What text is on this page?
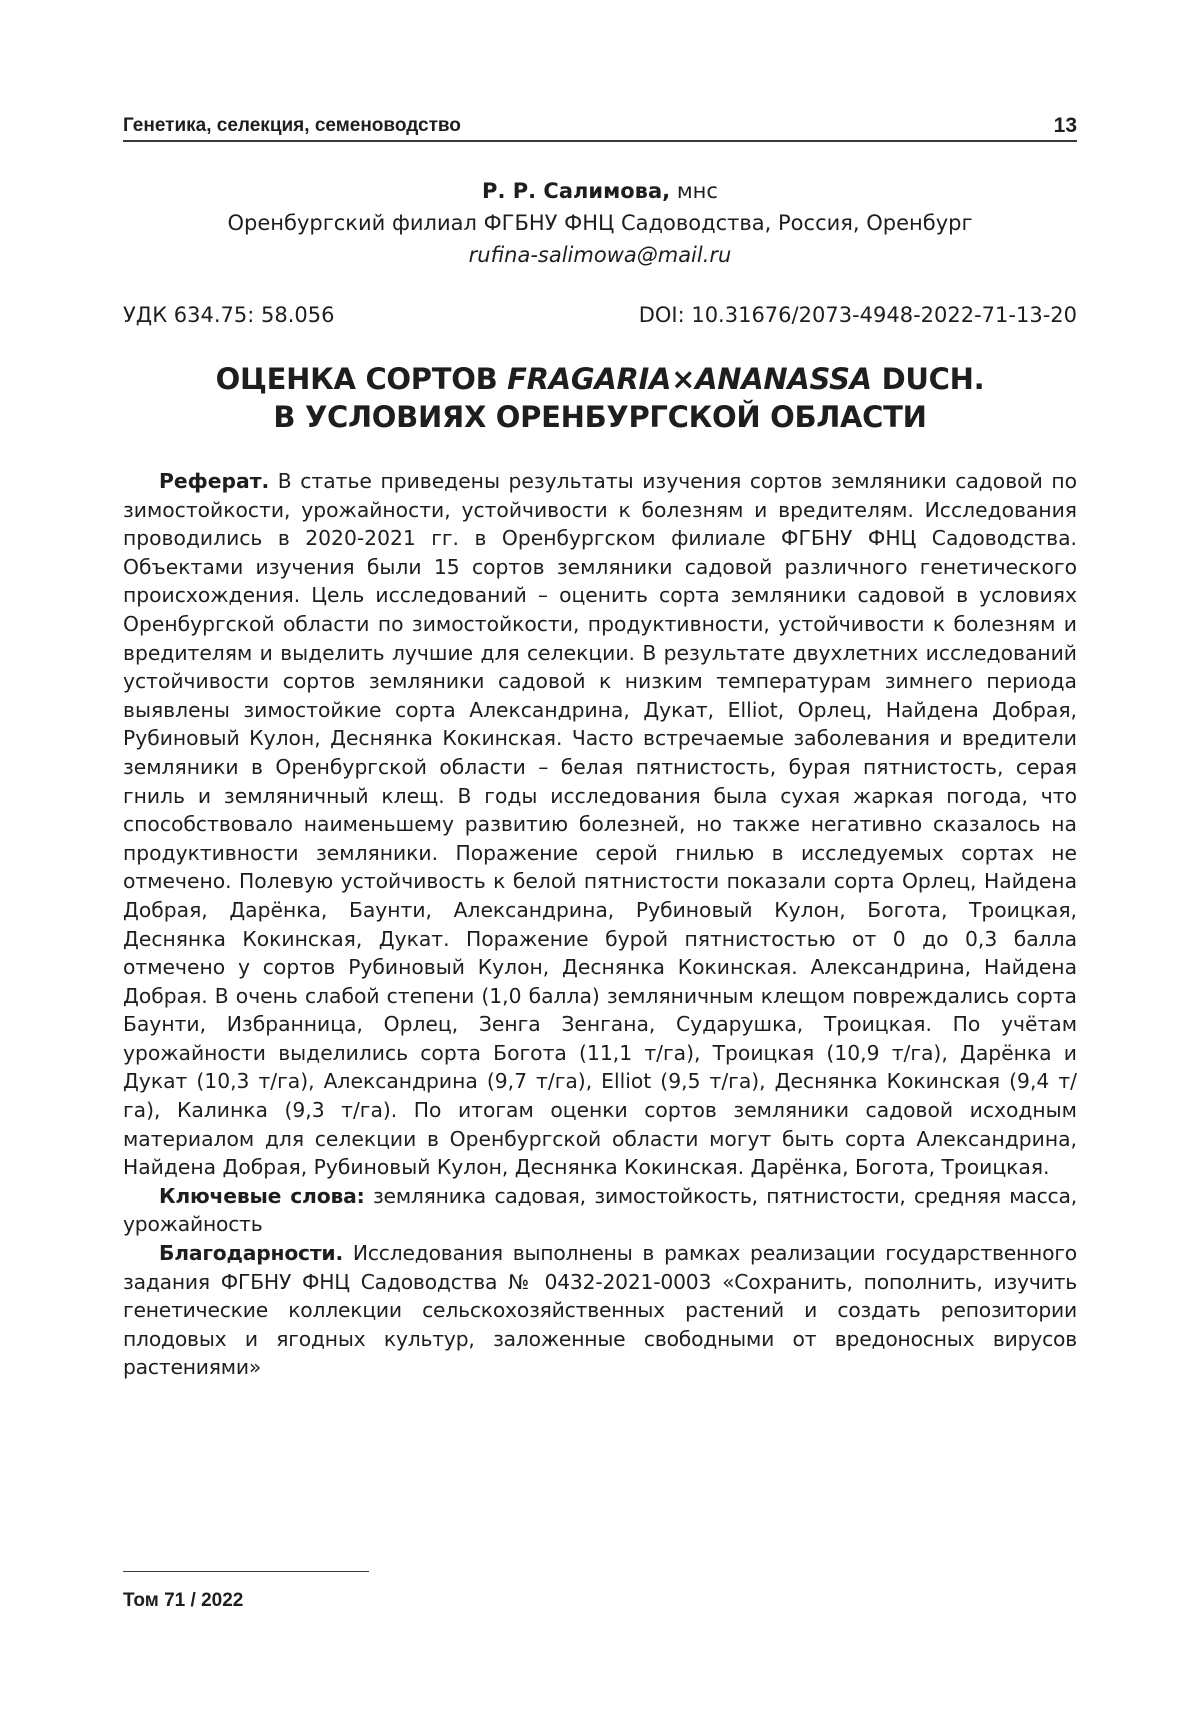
Генетика, селекция, семеноводство	13
Р. Р. Салимова, мнс
Оренбургский филиал ФГБНУ ФНЦ Садоводства, Россия, Оренбург
rufina-salimowa@mail.ru
УДК 634.75: 58.056	DOI: 10.31676/2073-4948-2022-71-13-20
ОЦЕНКА СОРТОВ FRAGARIA×ANANASSA DUCH.
В УСЛОВИЯХ ОРЕНБУРГСКОЙ ОБЛАСТИ

Реферат. В статье приведены результаты изучения сортов земляники садовой по зимостойкости, урожайности, устойчивости к болезням и вредителям. Исследования проводились в 2020-2021 гг. в Оренбургском филиале ФГБНУ ФНЦ Садоводства. Объектами изучения были 15 сортов земляники садовой различного генетического происхождения. Цель исследований – оценить сорта земляники садовой в условиях Оренбургской области по зимостойкости, продуктивности, устойчивости к болезням и вредителям и выделить лучшие для селекции. В результате двухлетних исследований устойчивости сортов земляники садовой к низким температурам зимнего периода выявлены зимостойкие сорта Александрина, Дукат, Elliot, Орлец, Найдена Добрая, Рубиновый Кулон, Деснянка Кокинская. Часто встречаемые заболевания и вредители земляники в Оренбургской области – белая пятнистость, бурая пятнистость, серая гниль и земляничный клещ. В годы исследования была сухая жаркая погода, что способствовало наименьшему развитию болезней, но также негативно сказалось на продуктивности земляники. Поражение серой гнилью в исследуемых сортах не отмечено. Полевую устойчивость к белой пятнистости показали сорта Орлец, Найдена Добрая, Дарёнка, Баунти, Александрина, Рубиновый Кулон, Богота, Троицкая, Деснянка Кокинская, Дукат. Поражение бурой пятнистостью от 0 до 0,3 балла отмечено у сортов Рубиновый Кулон, Деснянка Кокинская. Александрина, Найдена Добрая. В очень слабой степени (1,0 балла) земляничным клещом повреждались сорта Баунти, Избранница, Орлец, Зенга Зенгана, Сударушка, Троицкая. По учётам урожайности выделились сорта Богота (11,1 т/га), Троицкая (10,9 т/га), Дарёнка и Дукат (10,3 т/га), Александрина (9,7 т/га), Elliot (9,5 т/га), Деснянка Кокинская (9,4 т/га), Калинка (9,3 т/га). По итогам оценки сортов земляники садовой исходным материалом для селекции в Оренбургской области могут быть сорта Александрина, Найдена Добрая, Рубиновый Кулон, Деснянка Кокинская. Дарёнка, Богота, Троицкая.

Ключевые слова: земляника садовая, зимостойкость, пятнистости, средняя масса, урожайность

Благодарности. Исследования выполнены в рамках реализации государственного задания ФГБНУ ФНЦ Садоводства № 0432-2021-0003 «Сохранить, пополнить, изучить генетические коллекции сельскохозяйственных растений и создать репозитории плодовых и ягодных культур, заложенные свободными от вредоносных вирусов растениями»

Том 71 / 2022
